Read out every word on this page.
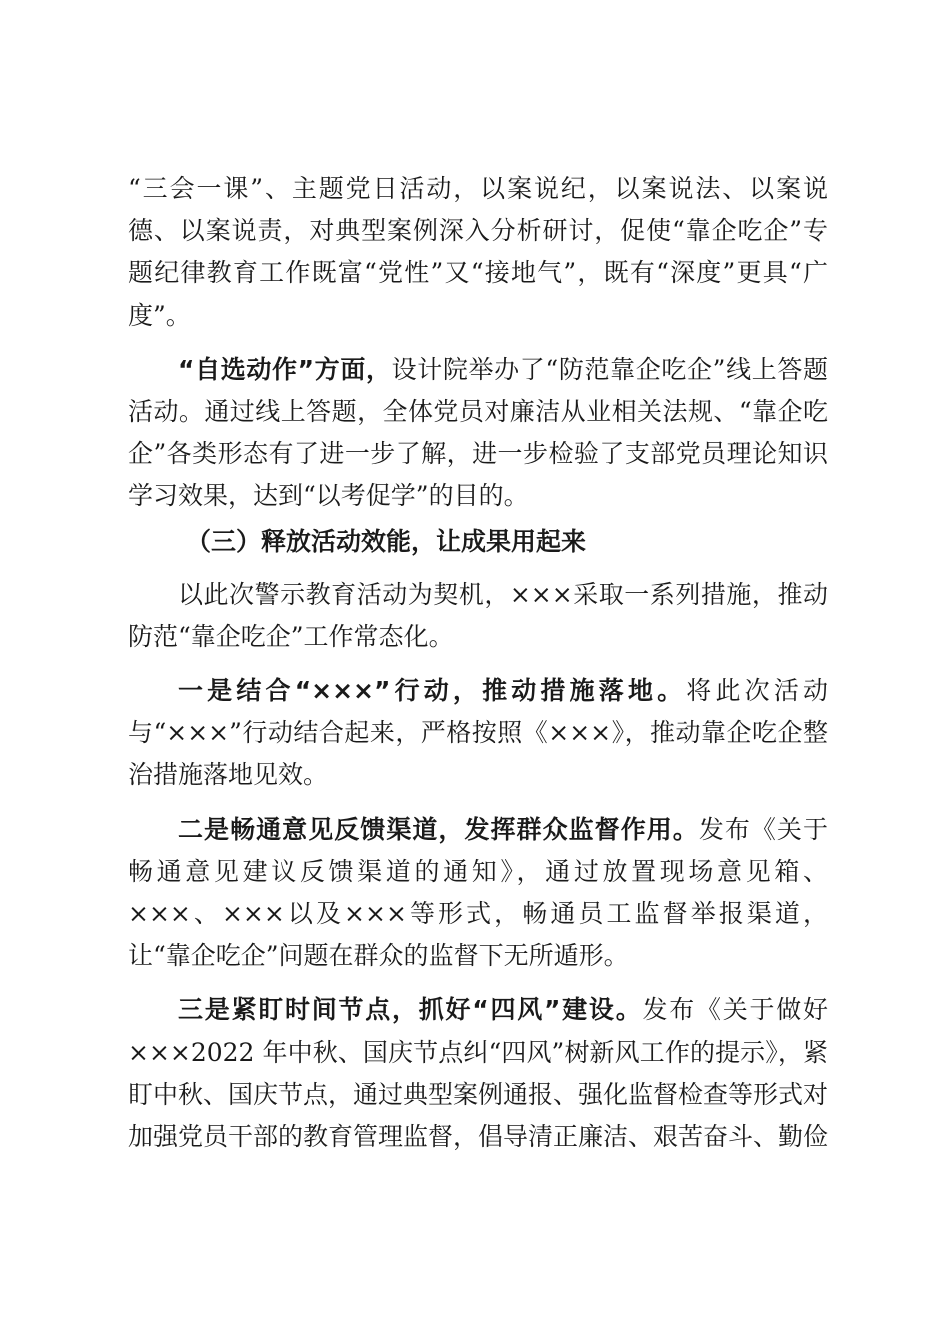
“三会一课”、主题党日活动，以案说纪，以案说法、以案说德、以案说责，对典型案例深入分析研讨，促使“靠企吃企”专题纪律教育工作既富“党性”又“接地气”，既有“深度”更具“广度”。

“自选动作”方面，设计院举办了“防范靠企吃企”线上答题活动。通过线上答题，全体党员对廉洁从业相关法规、“靠企吃企”各类形态有了进一步了解，进一步检验了支部党员理论知识学习效果，达到“以考促学”的目的。

（三）释放活动效能，让成果用起来

以此次警示教育活动为契机，×××采取一系列措施，推动防范“靠企吃企”工作常态化。

一是结合“×××”行动，推动措施落地。将此次活动与“×××”行动结合起来，严格按照《×××》，推动靠企吃企整治措施落地见效。

二是畅通意见反馈渠道，发挥群众监督作用。发布《关于畅通意见建议反馈渠道的通知》，通过放置现场意见箱、×××、×××以及×××等形式，畅通员工监督举报渠道，让“靠企吃企”问题在群众的监督下无所遁形。

三是紧盯时间节点，抓好“四风”建设。发布《关于做好×××2022 年中秋、国庆节点纠“四风”树新风工作的提示》，紧盯中秋、国庆节点，通过典型案例通报、强化监督检查等形式对加强党员干部的教育管理监督，倡导清正廉洁、艰苦奋斗、勤俭
